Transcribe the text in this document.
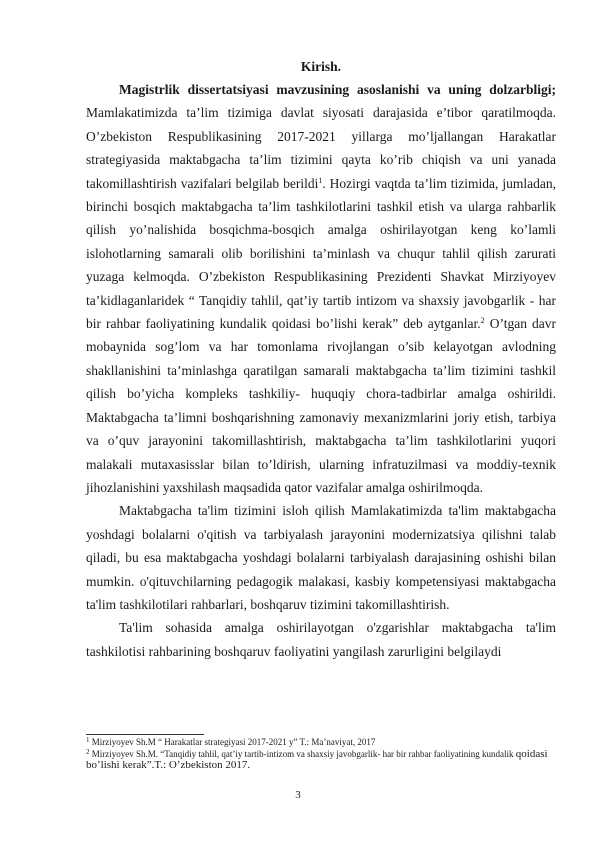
Kirish.

Magistrlik dissertatsiyasi mavzusining asoslanishi va uning dolzarbligi; Mamlakatimizda ta’lim tizimiga davlat siyosati darajasida e’tibor qaratilmoqda. O’zbekiston Respublikasining 2017-2021 yillarga mo’ljallangan Harakatlar strategiyasida maktabgacha ta’lim tizimini qayta ko’rib chiqish va uni yanada takomillashtirish vazifalari belgilab berildi$^1$. Hozirgi vaqtda ta’lim tizimida, jumladan, birinchi bosqich maktabgacha ta’lim tashkilotlarini tashkil etish va ularga rahbarlik qilish yo’nalishida bosqichma-bosqich amalga oshirilayotgan keng ko’lamli islohotlarning samarali olib borilishini ta’minlash va chuqur tahlil qilish zarurati yuzaga kelmoqda. O’zbekiston Respublikasining Prezidenti Shavkat Mirziyoyev ta’kidlaganlaridek “ Tanqidiy tahlil, qat’iy tartib intizom va shaxsiy javobgarlik - har bir rahbar faoliyatining kundalik qoidasi bo’lishi kerak” deb aytganlar.$^2$ O’tgan davr mobaynida sog’lom va har tomonlama rivojlangan o’sib kelayotgan avlodning shakllanishini ta’minlashga qaratilgan samarali maktabgacha ta’lim tizimini tashkil qilish bo’yicha kompleks tashkiliy- huquqiy chora-tadbirlar amalga oshirildi. Maktabgacha ta’limni boshqarishning zamonaviy mexanizmlarini joriy etish, tarbiya va o’quv jarayonini takomillashtirish, maktabgacha ta’lim tashkilotlarini yuqori malakali mutaxasisslar bilan to’ldirish, ularning infratuzilmasi va moddiy-texnik jihozlanishini yaxshilash maqsadida qator vazifalar amalga oshirilmoqda.

Maktabgacha ta'lim tizimini isloh qilish Mamlakatimizda ta'lim maktabgacha yoshdagi bolalarni o'qitish va tarbiyalash jarayonini modernizatsiya qilishni talab qiladi, bu esa maktabgacha yoshdagi bolalarni tarbiyalash darajasining oshishi bilan mumkin. o'qituvchilarning pedagogik malakasi, kasbiy kompetensiyasi maktabgacha ta'lim tashkilotilari rahbarlari, boshqaruv tizimini takomillashtirish.

Ta'lim sohasida amalga oshirilayotgan o'zgarishlar maktabgacha ta'lim tashkilotisi rahbarining boshqaruv faoliyatini yangilash zarurligini belgilaydi

$^1$ Mirziyoyev Sh.M “ Harakatlar strategiyasi 2017-2021 y” T.: Ma’naviyat, 2017
$^2$ Mirziyoyev Sh.M. “Tanqidiy tahlil, qat’iy tartib-intizom va shaxsiy javobgarlik- har bir rahbar faoliyatining kundalik qoidasi bo’lishi kerak”.T.: O’zbekiston 2017.
3
